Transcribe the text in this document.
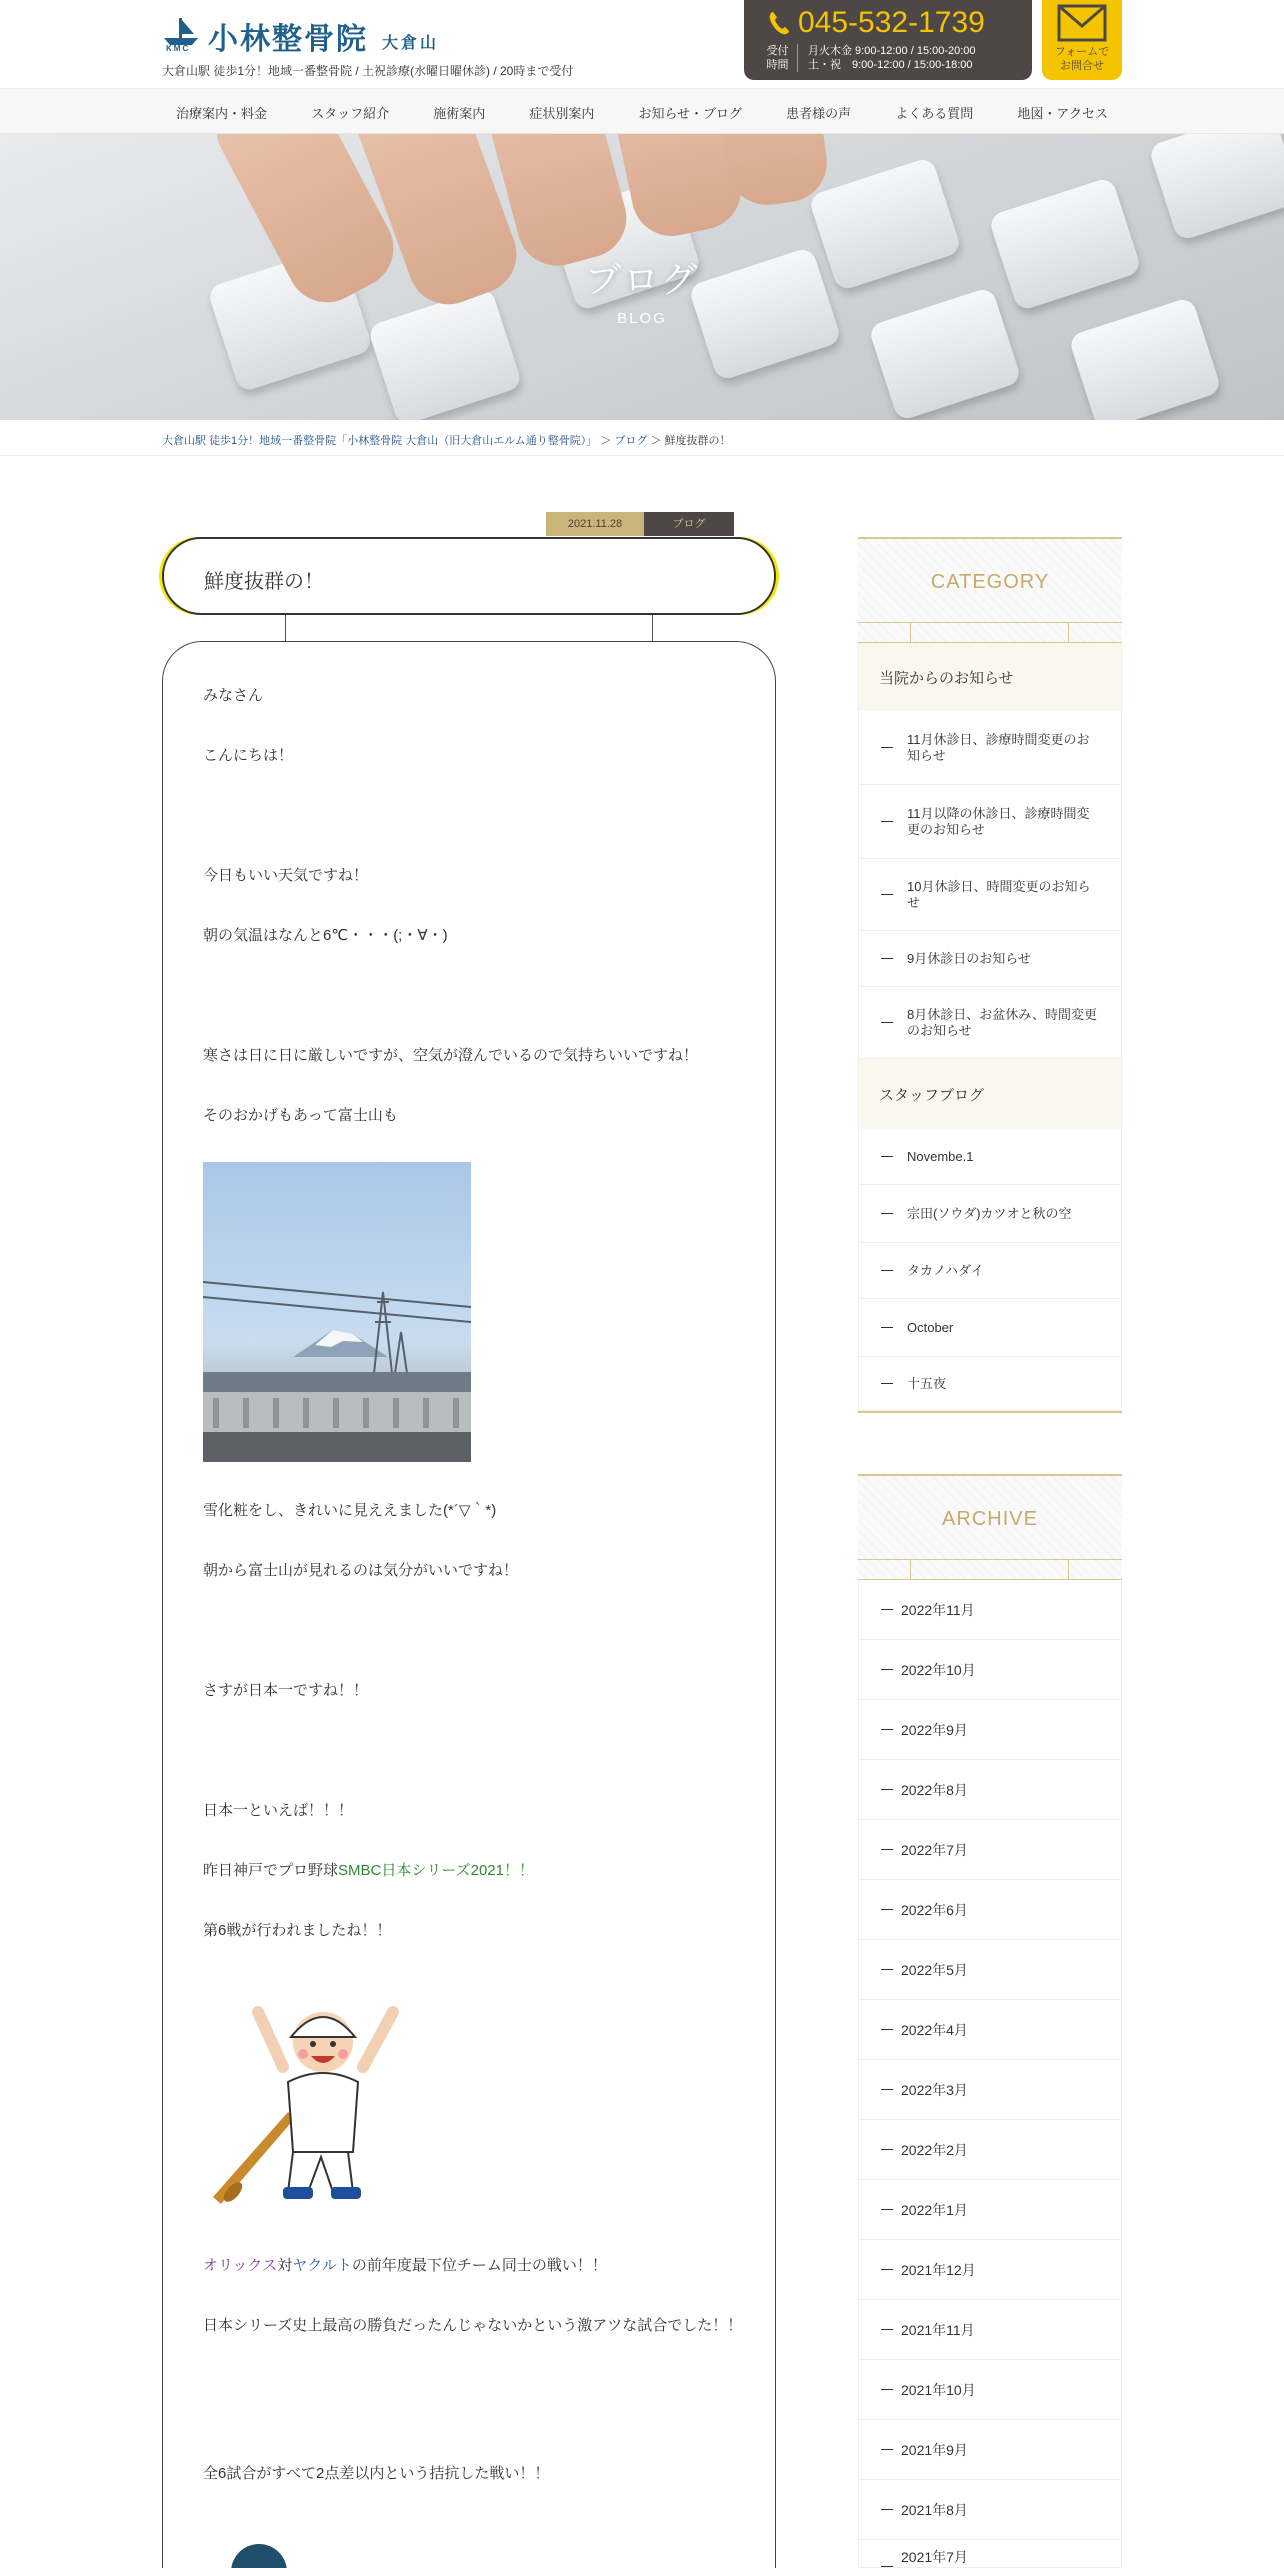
KMC 小林整骨院 大倉山
大倉山駅 徒歩1分！地域一番整骨院 / 土祝診療(水曜日曜休診) / 20時まで受付
045-532-1739
受付
時間
月火木金 9:00-12:00 / 15:00-20:00
土・祝　9:00-12:00 / 15:00-18:00
フォームで
お問合せ
治療案内・料金	スタッフ紹介	施術案内	症状別案内	お知らせ・ブログ	患者様の声	よくある質問	地図・アクセス
ブログ
BLOG
大倉山駅 徒歩1分！地域一番整骨院「小林整骨院 大倉山（旧大倉山エルム通り整骨院）」 ＞ ブログ ＞ 鮮度抜群の！
2021.11.28	ブログ
鮮度抜群の！
みなさん
こんにちは！
今日もいい天気ですね！
朝の気温はなんと6℃・・・(;・∀・)
寒さは日に日に厳しいですが、空気が澄んでいるので気持ちいいですね！
そのおかげもあって富士山も
雪化粧をし、きれいに見ええました(*´▽｀*)
朝から富士山が見れるのは気分がいいですね！
さすが日本一ですね！！
日本一といえば！！！
昨日神戸でプロ野球SMBC日本シリーズ2021！！
第6戦が行われましたね！！
オリックス対ヤクルトの前年度最下位チーム同士の戦い！！
日本シリーズ史上最高の勝負だったんじゃないかという激アツな試合でした！！
全6試合がすべて2点差以内という拮抗した戦い！！
CATEGORY
当院からのお知らせ
11月休診日、診療時間変更のお知らせ
11月以降の休診日、診療時間変更のお知らせ
10月休診日、時間変更のお知らせ
9月休診日のお知らせ
8月休診日、お盆休み、時間変更のお知らせ
スタッフブログ
Novembe.1
宗田(ソウダ)カツオと秋の空
タカノハダイ
October
十五夜
ARCHIVE
2022年11月
2022年10月
2022年9月
2022年8月
2022年7月
2022年6月
2022年5月
2022年4月
2022年3月
2022年2月
2022年1月
2021年12月
2021年11月
2021年10月
2021年9月
2021年8月
2021年7月
